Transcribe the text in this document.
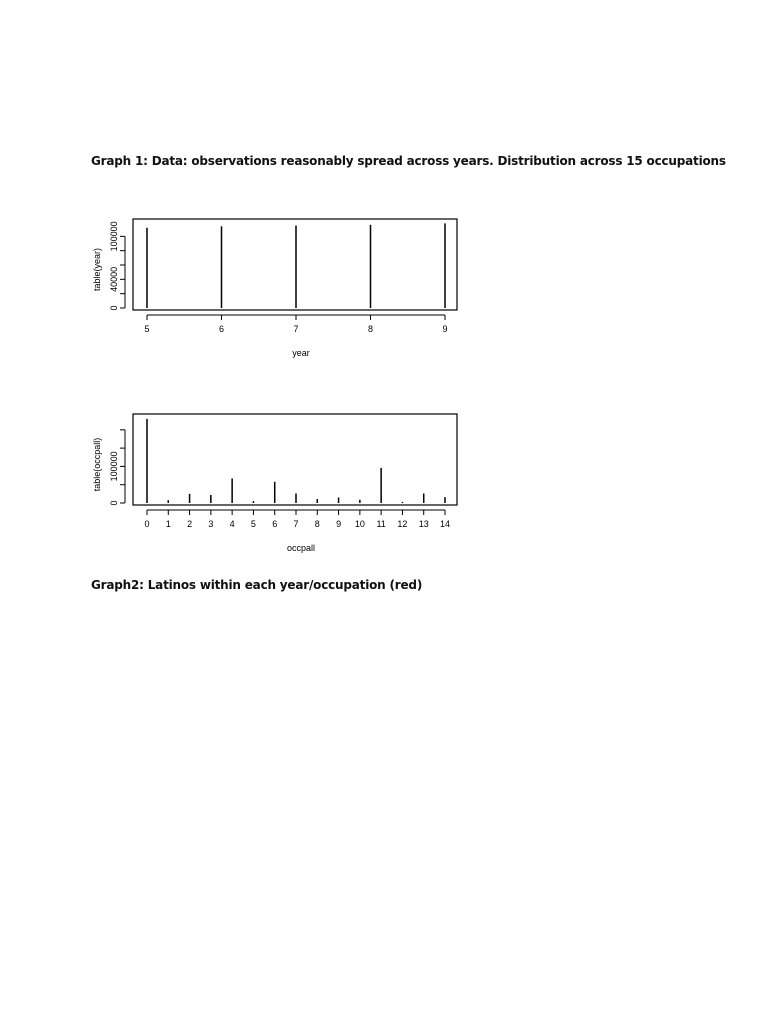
Graph 1: Data: observations reasonably spread across years. Distribution across 15 occupations
0
40000
100000
5	6	7	8	9
year
table(year)
0
100000
0 1 2 3 4 5 6 7 8 9 10 11 12 13 14
occpall
table(occpall)
Graph2: Latinos within each year/occupation (red)
